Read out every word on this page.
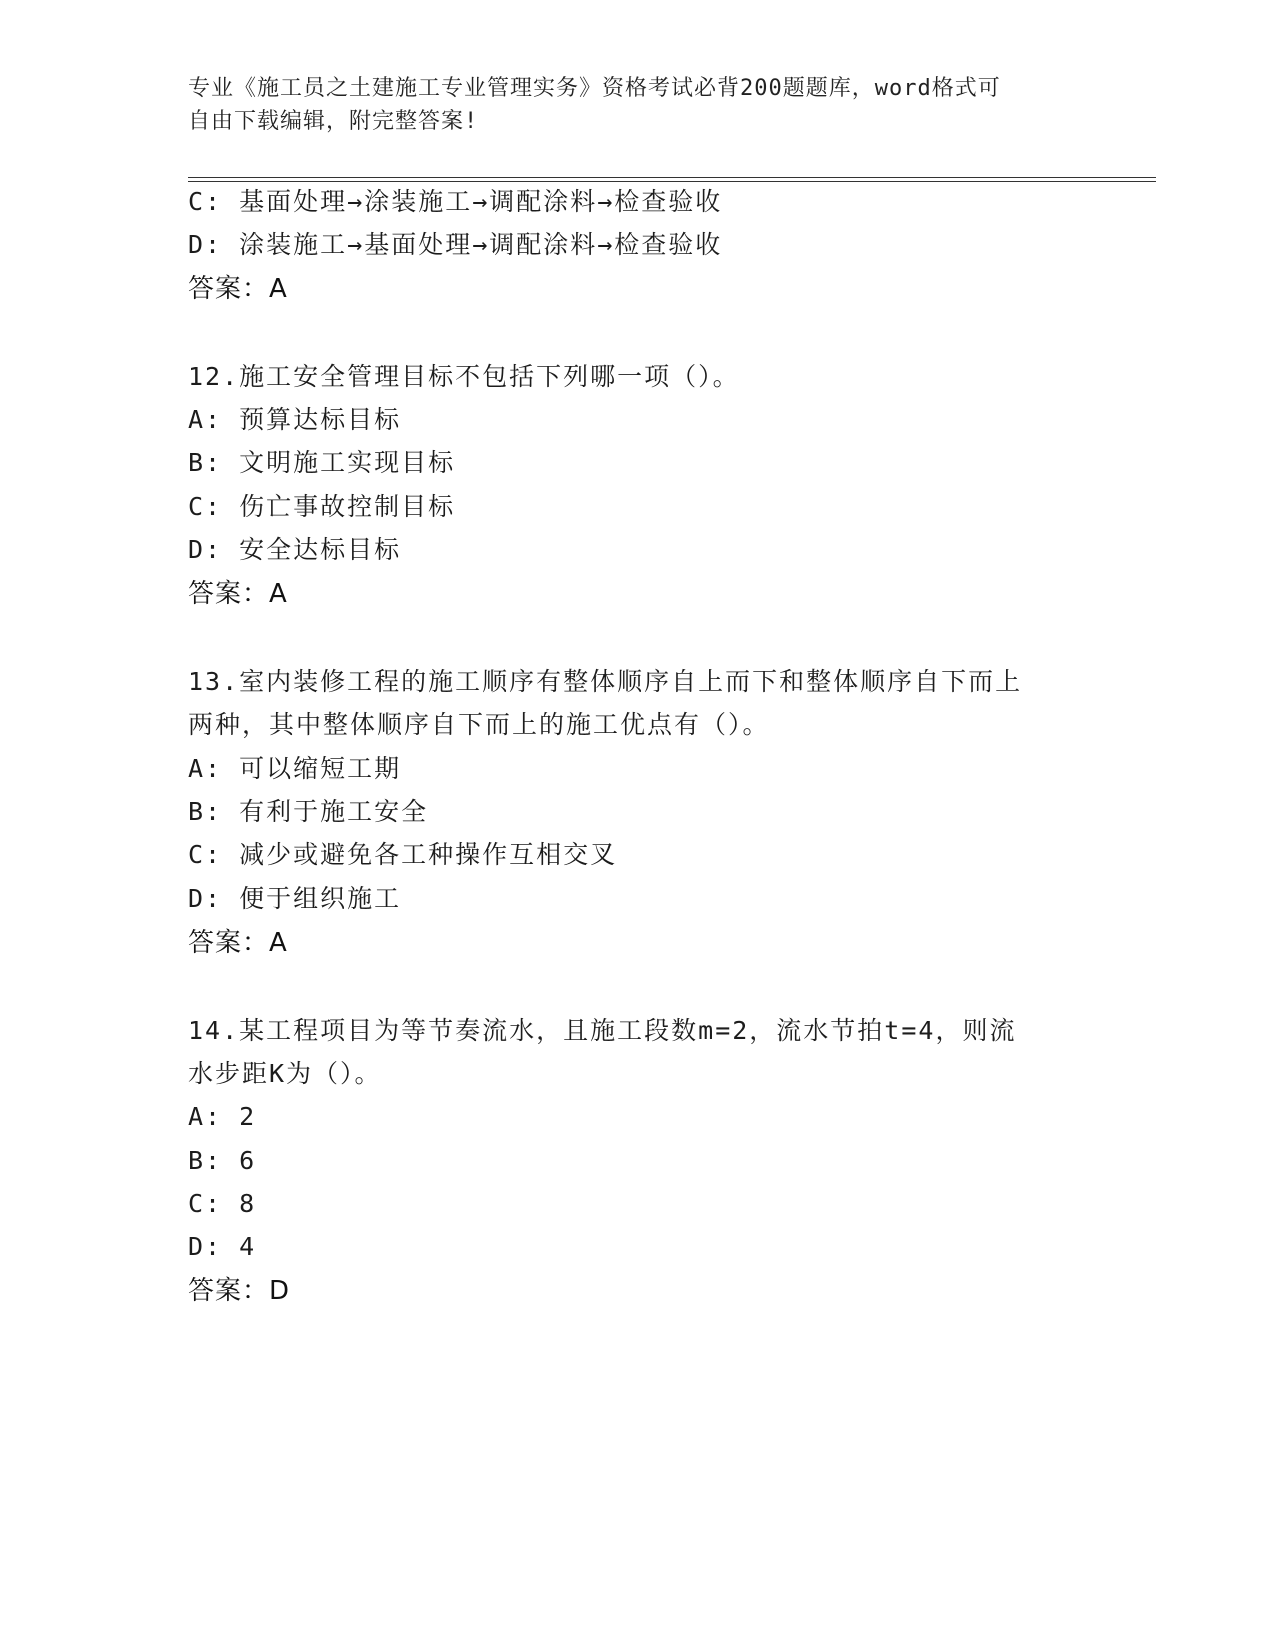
专业《施工员之土建施工专业管理实务》资格考试必背200题题库，word格式可
自由下载编辑，附完整答案!
C: 基面处理→涂装施工→调配涂料→检查验收
D: 涂装施工→基面处理→调配涂料→检查验收
答案：A
12.施工安全管理目标不包括下列哪一项（）。
A: 预算达标目标
B: 文明施工实现目标
C: 伤亡事故控制目标
D: 安全达标目标
答案：A
13.室内装修工程的施工顺序有整体顺序自上而下和整体顺序自下而上
两种，其中整体顺序自下而上的施工优点有（）。
A: 可以缩短工期
B: 有利于施工安全
C: 减少或避免各工种操作互相交叉
D: 便于组织施工
答案：A
14.某工程项目为等节奏流水，且施工段数m=2，流水节拍t=4，则流
水步距K为（）。
A: 2
B: 6
C: 8
D: 4
答案：D
